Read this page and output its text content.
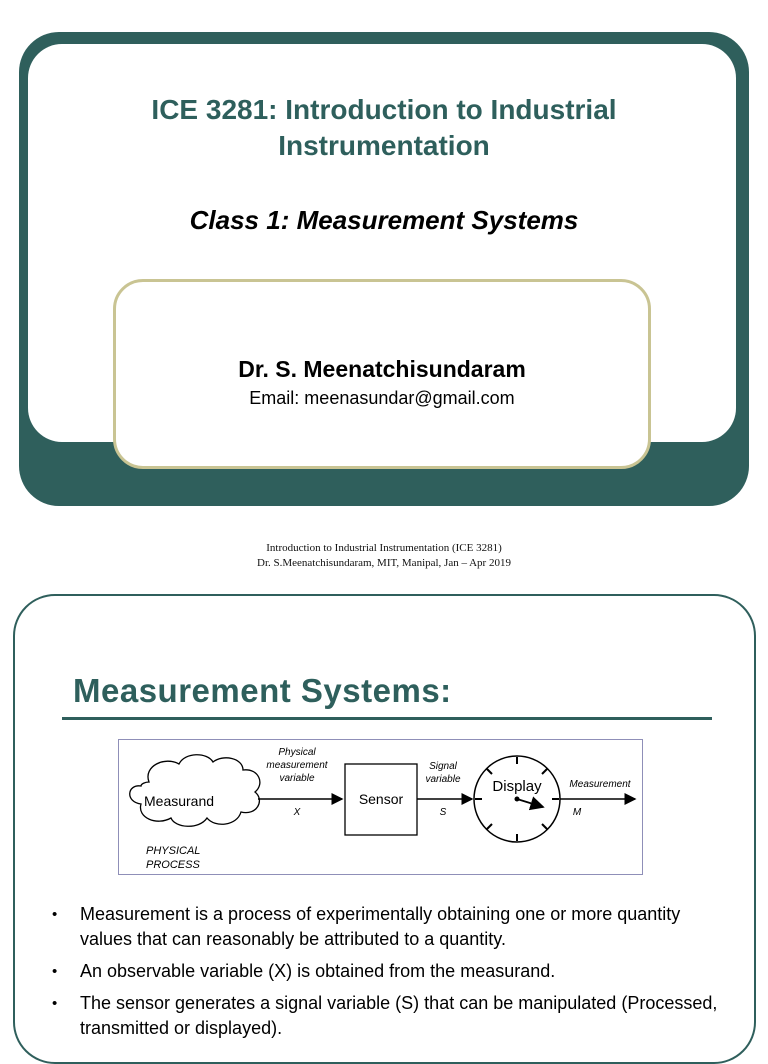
ICE 3281: Introduction to Industrial
Instrumentation
Class 1: Measurement Systems
Dr. S. Meenatchisundaram
Email: meenasundar@gmail.com
Introduction to Industrial Instrumentation (ICE 3281)
Dr. S.Meenatchisundaram, MIT, Manipal, Jan – Apr 2019
Measurement Systems:
Measurand
PHYSICAL
PROCESS
Physical
measurement
variable
X
Sensor
Signal
variable
S
Display	Measurement
M
• Measurement is a process of experimentally obtaining one or more quantity values that can reasonably be attributed to a quantity.
• An observable variable (X) is obtained from the measurand.
• The sensor generates a signal variable (S) that can be manipulated (Processed, transmitted or displayed).
